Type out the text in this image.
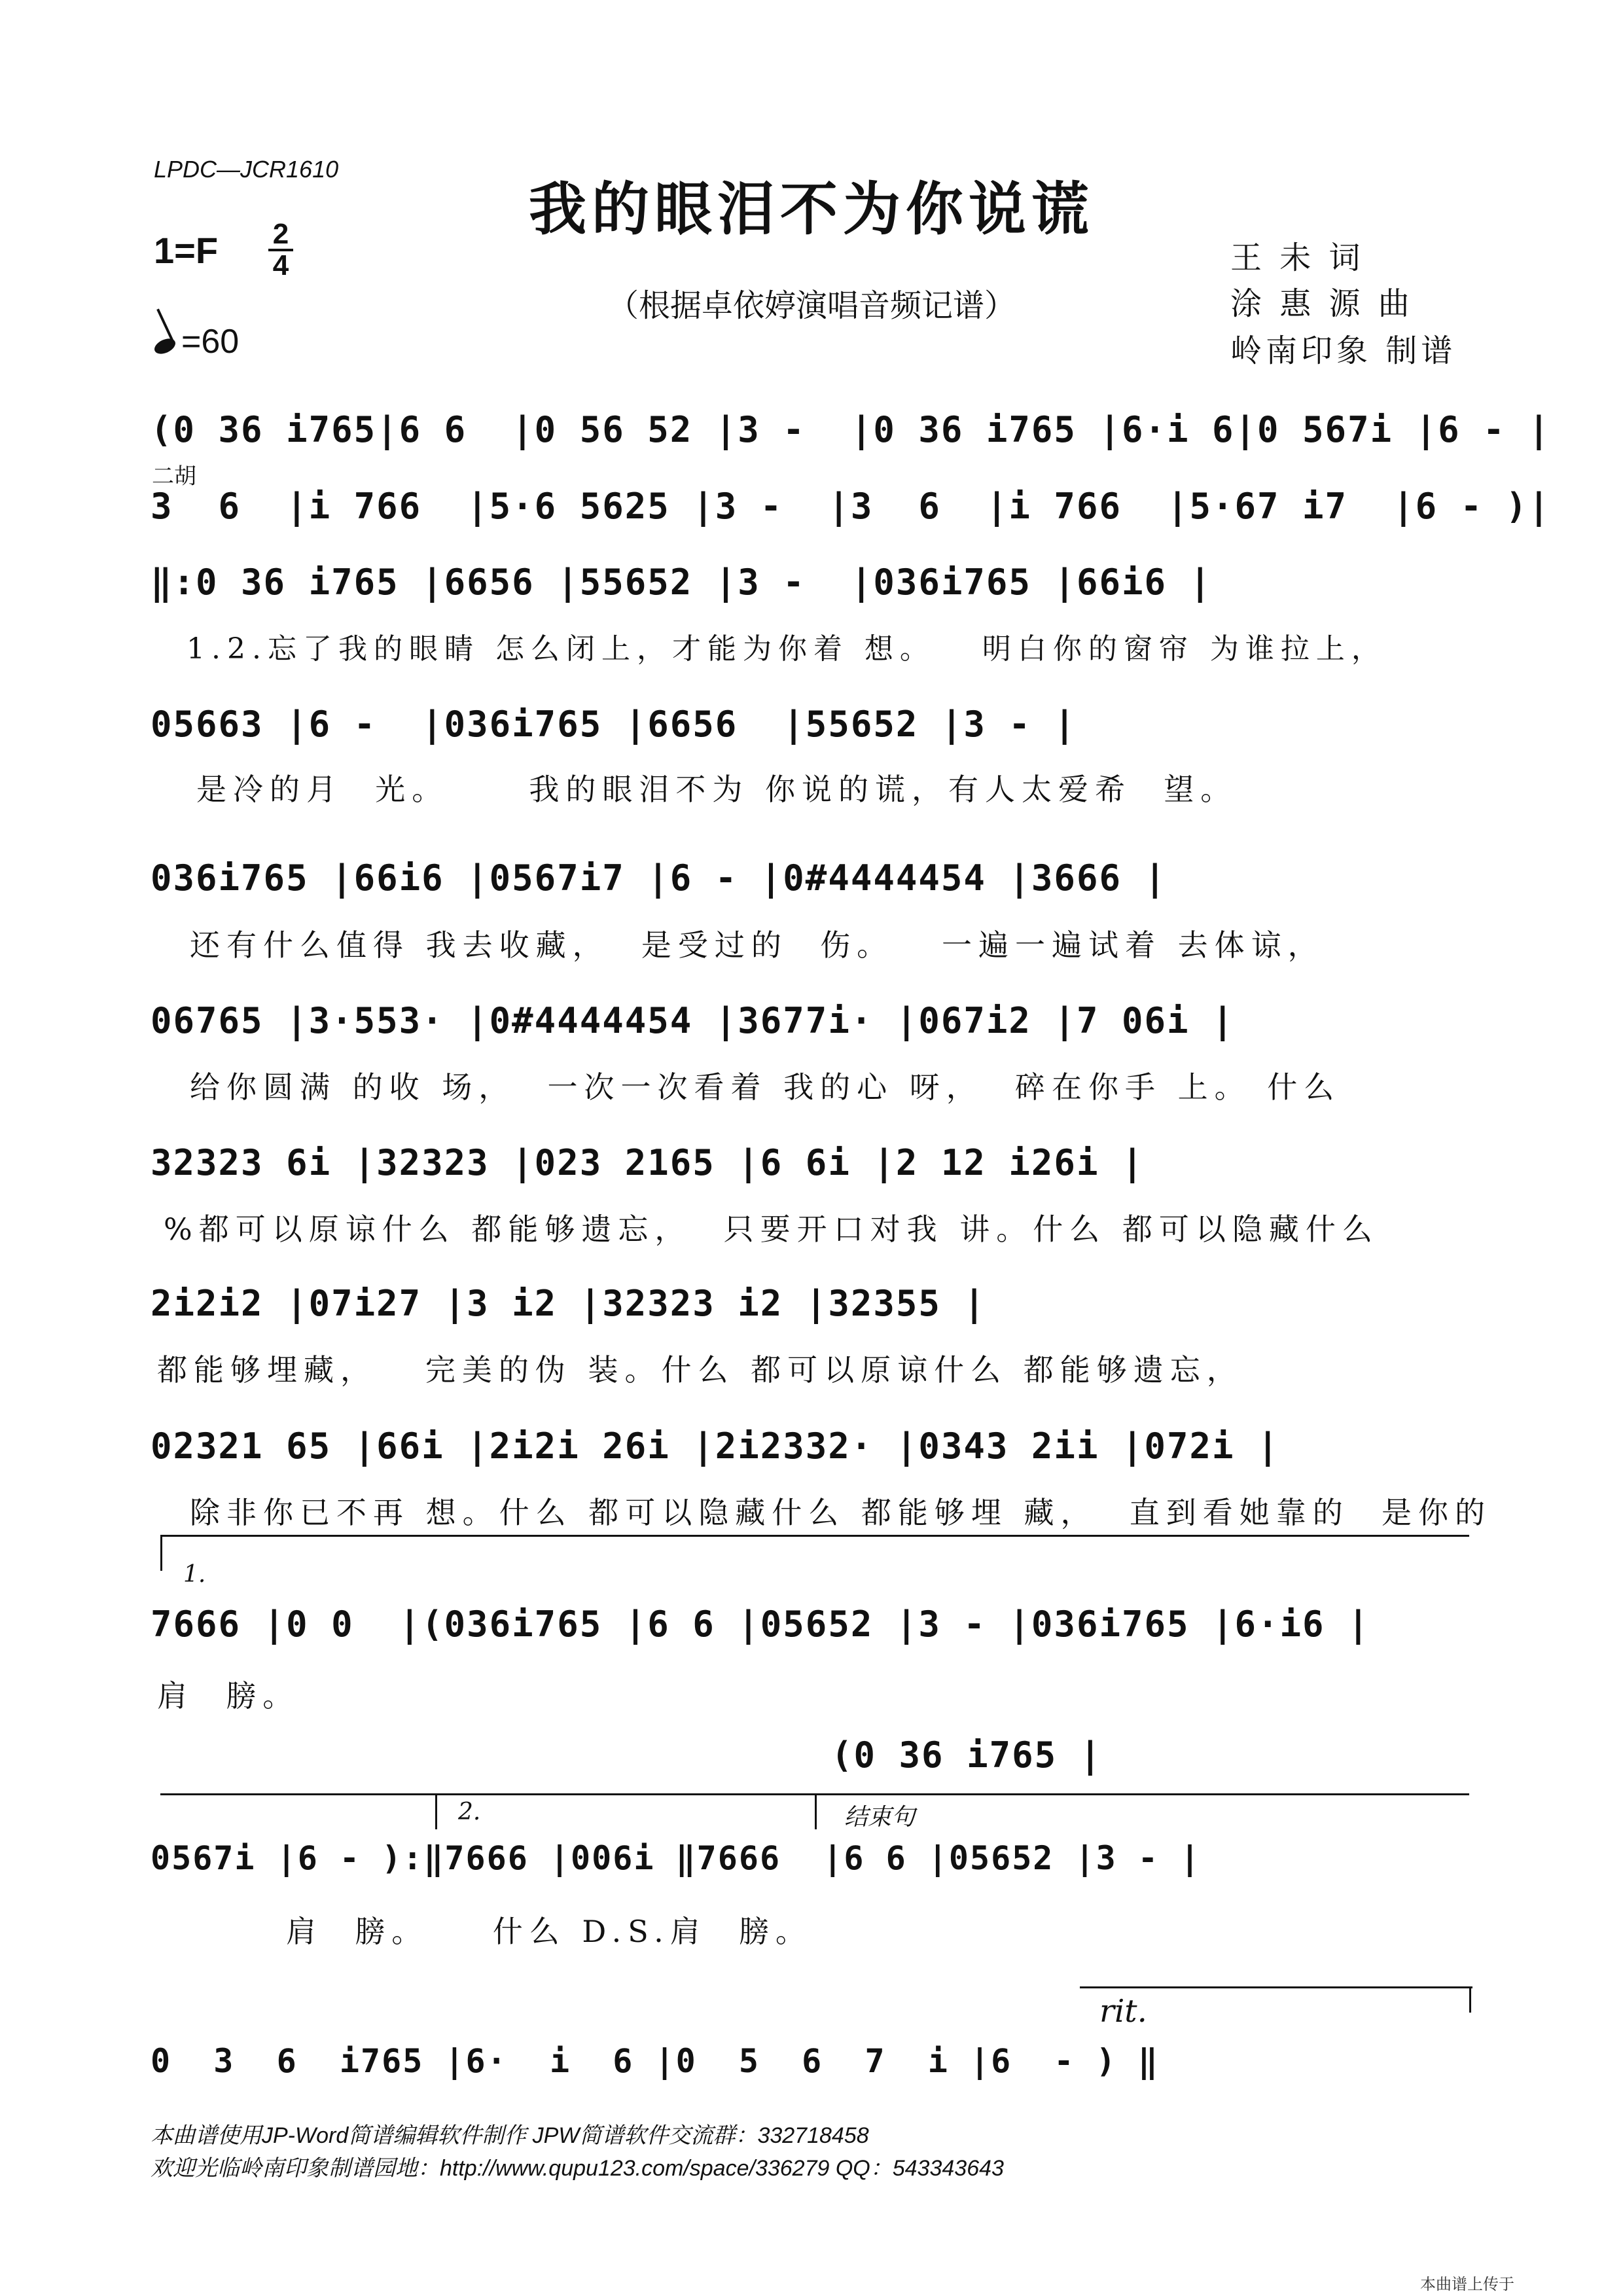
LPDC—JCR1610
我的眼泪不为你说谎
1=F 2
4
=60
（根据卓依婷演唱音频记谱）
王 未 词
涂 惠 源 曲
岭南印象 制谱
(0 36 i765|6 6  |0 56 52 |3 -  |0 36 i765 |6·i 6|0 567i |6 - |
二胡
3  6  |i 766  |5·6 5625 |3 -  |3  6  |i 766  |5·67 i7  |6 - )|
‖:0 36 i765 |6656 |55652 |3 -  |036i765 |66i6 |
1.2.忘了我的眼睛 怎么闭上，才能为你着 想。   明白你的窗帘 为谁拉上，
05663 |6 -  |036i765 |6656  |55652 |3 - |
是冷的月  光。     我的眼泪不为 你说的谎，有人太爱希  望。
036i765 |66i6 |0567i7 |6 - |0#4444454 |3666 |
还有什么值得 我去收藏，  是受过的  伤。   一遍一遍试着 去体谅，
06765 |3·553· |0#4444454 |3677i· |067i2 |7 06i |
给你圆满 的收 场，  一次一次看着 我的心 呀，  碎在你手 上。 什么
32323 6i |32323 |023 2165 |6 6i |2 12 i26i |
%都可以原谅什么 都能够遗忘，  只要开口对我 讲。什么 都可以隐藏什么
2i2i2 |07i27 |3 i2 |32323 i2 |32355 |
都能够埋藏，   完美的伪 装。什么 都可以原谅什么 都能够遗忘，
02321 65 |66i |2i2i 26i |2i2332· |0343 2ii |072i |
除非你已不再 想。什么 都可以隐藏什么 都能够埋 藏，  直到看她靠的  是你的
1.
7666 |0 0  |(036i765 |6 6 |05652 |3 - |036i765 |6·i6 |
肩  膀。
(0 36 i765 |
2.	结束句
0567i |6 - ):‖7666 |006i ‖7666  |6 6 |05652 |3 - |
肩  膀。    什么 D.S.肩  膀。
rit.
0  3  6  i765 |6·  i  6 |0  5  6  7  i |6  - ) ‖
本曲谱使用JP-Word简谱编辑软件制作 JPW简谱软件交流群：332718458
欢迎光临岭南印象制谱园地：http://www.qupu123.com/space/336279 QQ：543343643
本曲谱上传于
